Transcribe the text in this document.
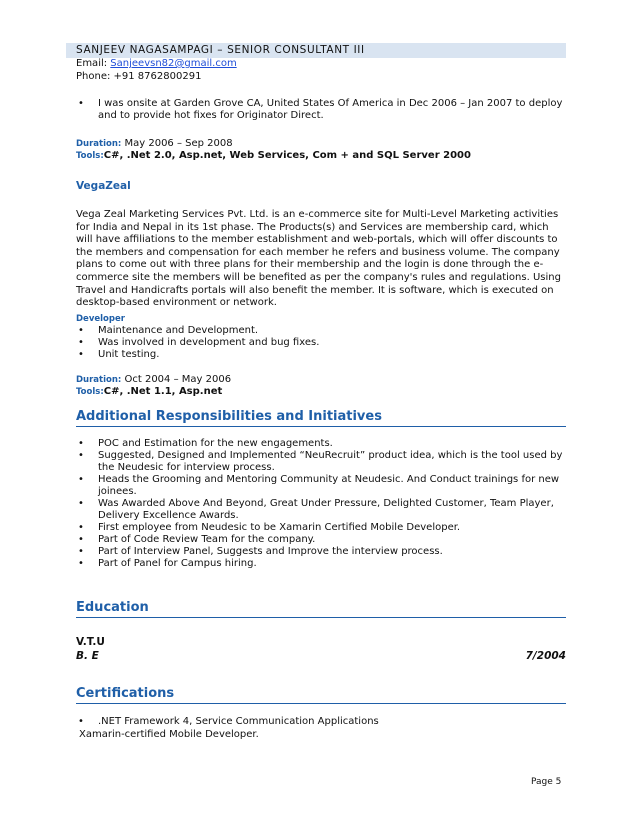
SANJEEV NAGASAMPAGI – SENIOR CONSULTANT III
Email: Sanjeevsn82@gmail.com
Phone: +91 8762800291
• I was onsite at Garden Grove CA, United States Of America in Dec 2006 – Jan 2007 to deploy and to provide hot fixes for Originator Direct.
Duration: May 2006 – Sep 2008
Tools:C#, .Net 2.0, Asp.net, Web Services, Com + and SQL Server 2000
VegaZeal
Vega Zeal Marketing Services Pvt. Ltd. is an e-commerce site for Multi-Level Marketing activities for India and Nepal in its 1st phase. The Products(s) and Services are membership card, which will have affiliations to the member establishment and web-portals, which will offer discounts to the members and compensation for each member he refers and business volume. The company plans to come out with three plans for their membership and the login is done through the e-commerce site the members will be benefited as per the company's rules and regulations. Using Travel and Handicrafts portals will also benefit the member. It is software, which is executed on desktop-based environment or network.
Developer
• Maintenance and Development.
• Was involved in development and bug fixes.
• Unit testing.
Duration: Oct 2004 – May 2006
Tools:C#, .Net 1.1, Asp.net
Additional Responsibilities and Initiatives
• POC and Estimation for the new engagements.
• Suggested, Designed and Implemented “NeuRecruit” product idea, which is the tool used by the Neudesic for interview process.
• Heads the Grooming and Mentoring Community at Neudesic. And Conduct trainings for new joinees.
• Was Awarded Above And Beyond, Great Under Pressure, Delighted Customer, Team Player, Delivery Excellence Awards.
• First employee from Neudesic to be Xamarin Certified Mobile Developer.
• Part of Code Review Team for the company.
• Part of Interview Panel, Suggests and Improve the interview process.
• Part of Panel for Campus hiring.
Education
V.T.U
B. E	7/2004
Certifications
• .NET Framework 4, Service Communication Applications
Xamarin-certified Mobile Developer.
Page 5
